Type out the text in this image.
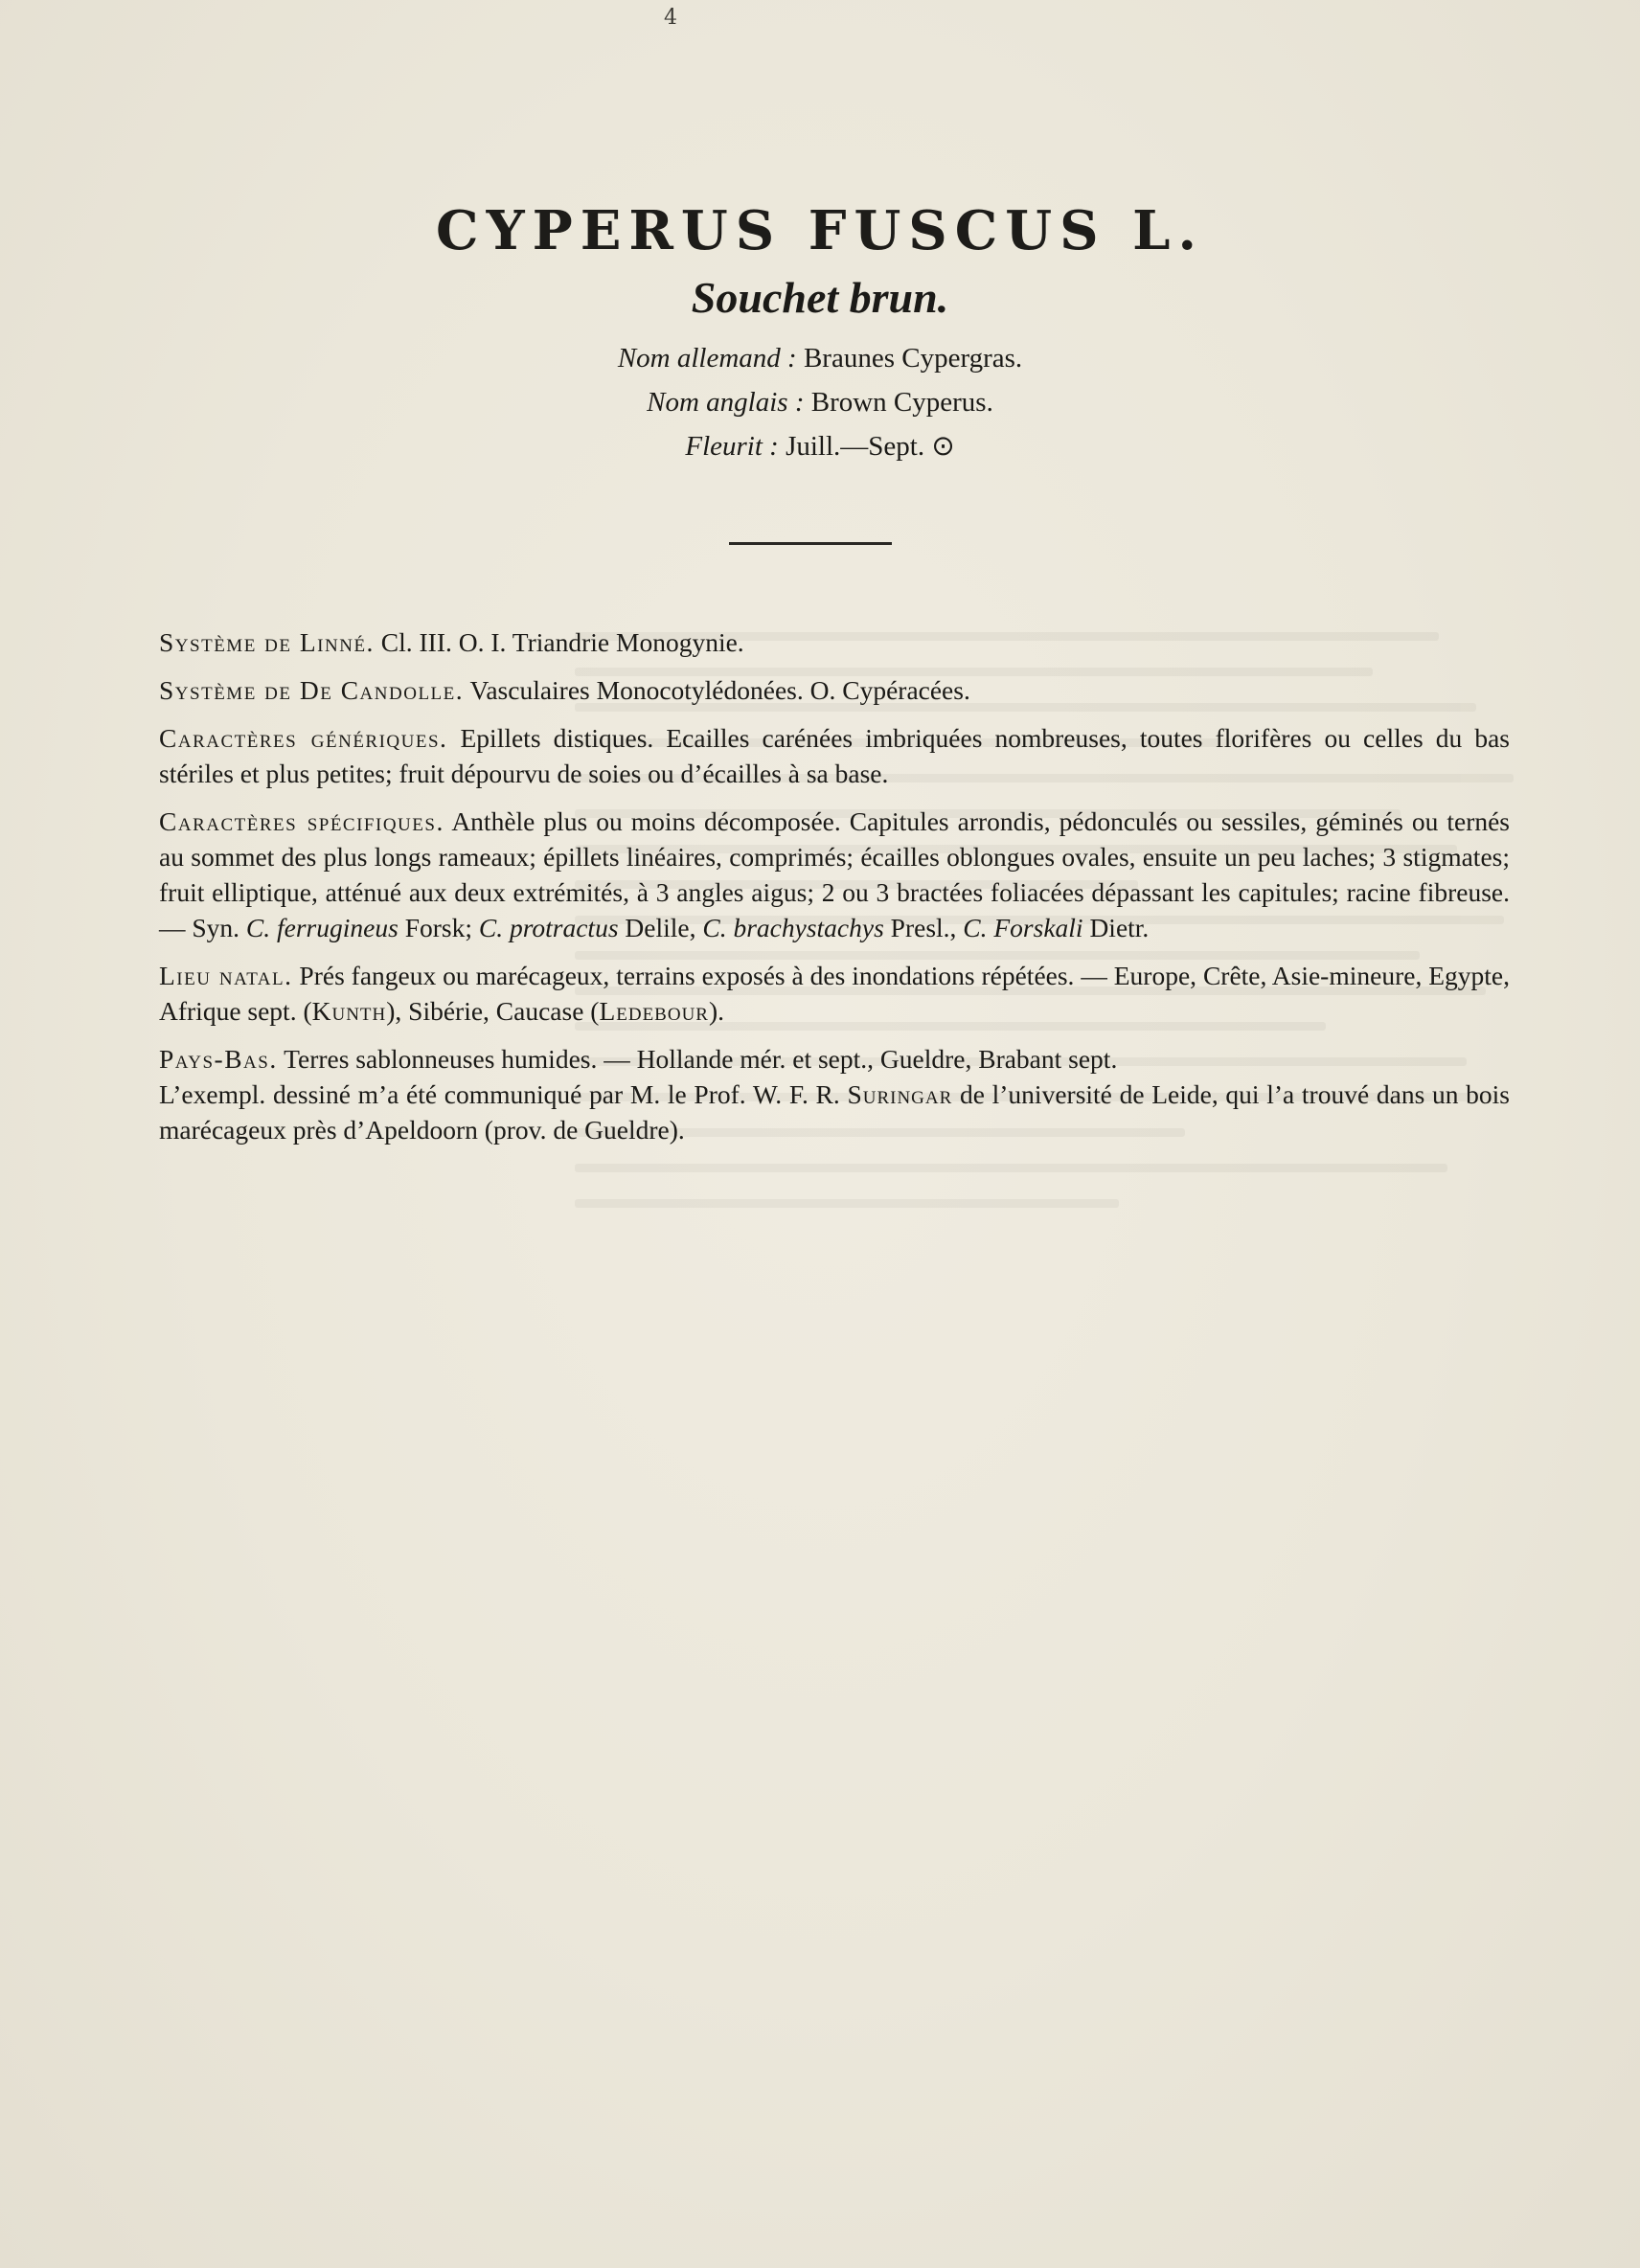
4
CYPERUS FUSCUS L.
Souchet brun.

Nom allemand : Braunes Cypergras.

Nom anglais : Brown Cyperus.

Fleurit : Juill.—Sept. ⊙

Système de Linné. Cl. III. O. I. Triandrie Monogynie.

Système de De Candolle. Vasculaires Monocotylédonées. O. Cypéracées.

Caractères génériques. Epillets distiques. Ecailles carénées imbriquées nombreuses, toutes florifères ou celles du bas stériles et plus petites; fruit dépourvu de soies ou d’écailles à sa base.

Caractères spécifiques. Anthèle plus ou moins décomposée. Capitules arrondis, pédonculés ou sessiles, géminés ou ternés au sommet des plus longs rameaux; épillets linéaires, comprimés; écailles oblongues ovales, ensuite un peu laches; 3 stigmates; fruit elliptique, atténué aux deux extrémités, à 3 angles aigus; 2 ou 3 bractées foliacées dépassant les capitules; racine fibreuse. — Syn. C. ferrugineus Forsk; C. protractus Delile, C. brachystachys Presl., C. Forskali Dietr.

Lieu natal. Prés fangeux ou marécageux, terrains exposés à des inondations répétées. — Europe, Crête, Asie-mineure, Egypte, Afrique sept. (Kunth), Sibérie, Caucase (Ledebour).

Pays-Bas. Terres sablonneuses humides. — Hollande mér. et sept., Gueldre, Brabant sept.

L’exempl. dessiné m’a été communiqué par M. le Prof. W. F. R. Suringar de l’université de Leide, qui l’a trouvé dans un bois marécageux près d’Apeldoorn (prov. de Gueldre).
